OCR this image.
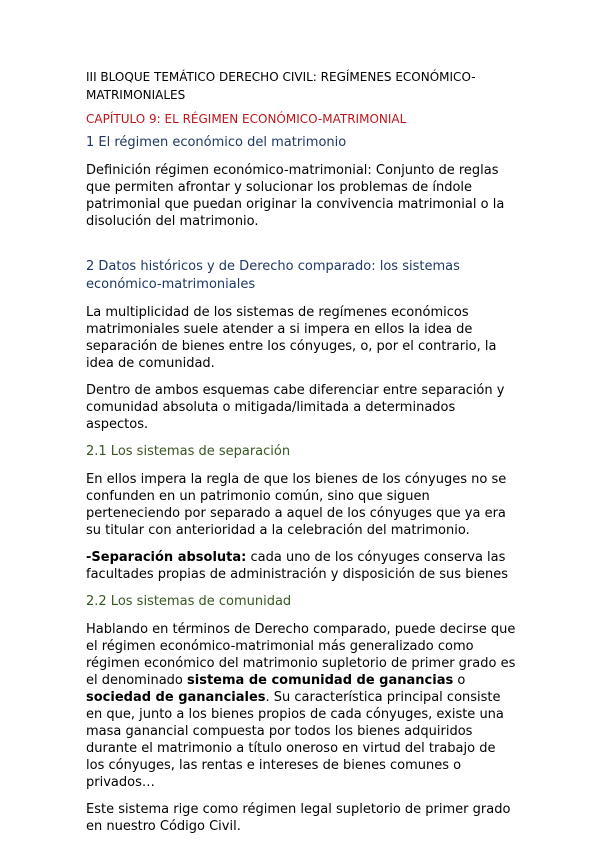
III BLOQUE TEMÁTICO DERECHO CIVIL: REGÍMENES ECONÓMICO-MATRIMONIALES
CAPÍTULO 9: EL RÉGIMEN ECONÓMICO-MATRIMONIAL
1 El régimen económico del matrimonio
Definición régimen económico-matrimonial: Conjunto de reglas que permiten afrontar y solucionar los problemas de índole patrimonial que puedan originar la convivencia matrimonial o la disolución del matrimonio.
2 Datos históricos y de Derecho comparado: los sistemas económico-matrimoniales
La multiplicidad de los sistemas de regímenes económicos matrimoniales suele atender a si impera en ellos la idea de separación de bienes entre los cónyuges, o, por el contrario, la idea de comunidad.
Dentro de ambos esquemas cabe diferenciar entre separación y comunidad absoluta o mitigada/limitada a determinados aspectos.
2.1 Los sistemas de separación
En ellos impera la regla de que los bienes de los cónyuges no se confunden en un patrimonio común, sino que siguen perteneciendo por separado a aquel de los cónyuges que ya era su titular con anterioridad a la celebración del matrimonio.
-Separación absoluta: cada uno de los cónyuges conserva las facultades propias de administración y disposición de sus bienes
2.2 Los sistemas de comunidad
Hablando en términos de Derecho comparado, puede decirse que el régimen económico-matrimonial más generalizado como régimen económico del matrimonio supletorio de primer grado es el denominado sistema de comunidad de ganancias o sociedad de gananciales. Su característica principal consiste en que, junto a los bienes propios de cada cónyuges, existe una masa ganancial compuesta por todos los bienes adquiridos durante el matrimonio a título oneroso en virtud del trabajo de los cónyuges, las rentas e intereses de bienes comunes o privados…
Este sistema rige como régimen legal supletorio de primer grado en nuestro Código Civil.
